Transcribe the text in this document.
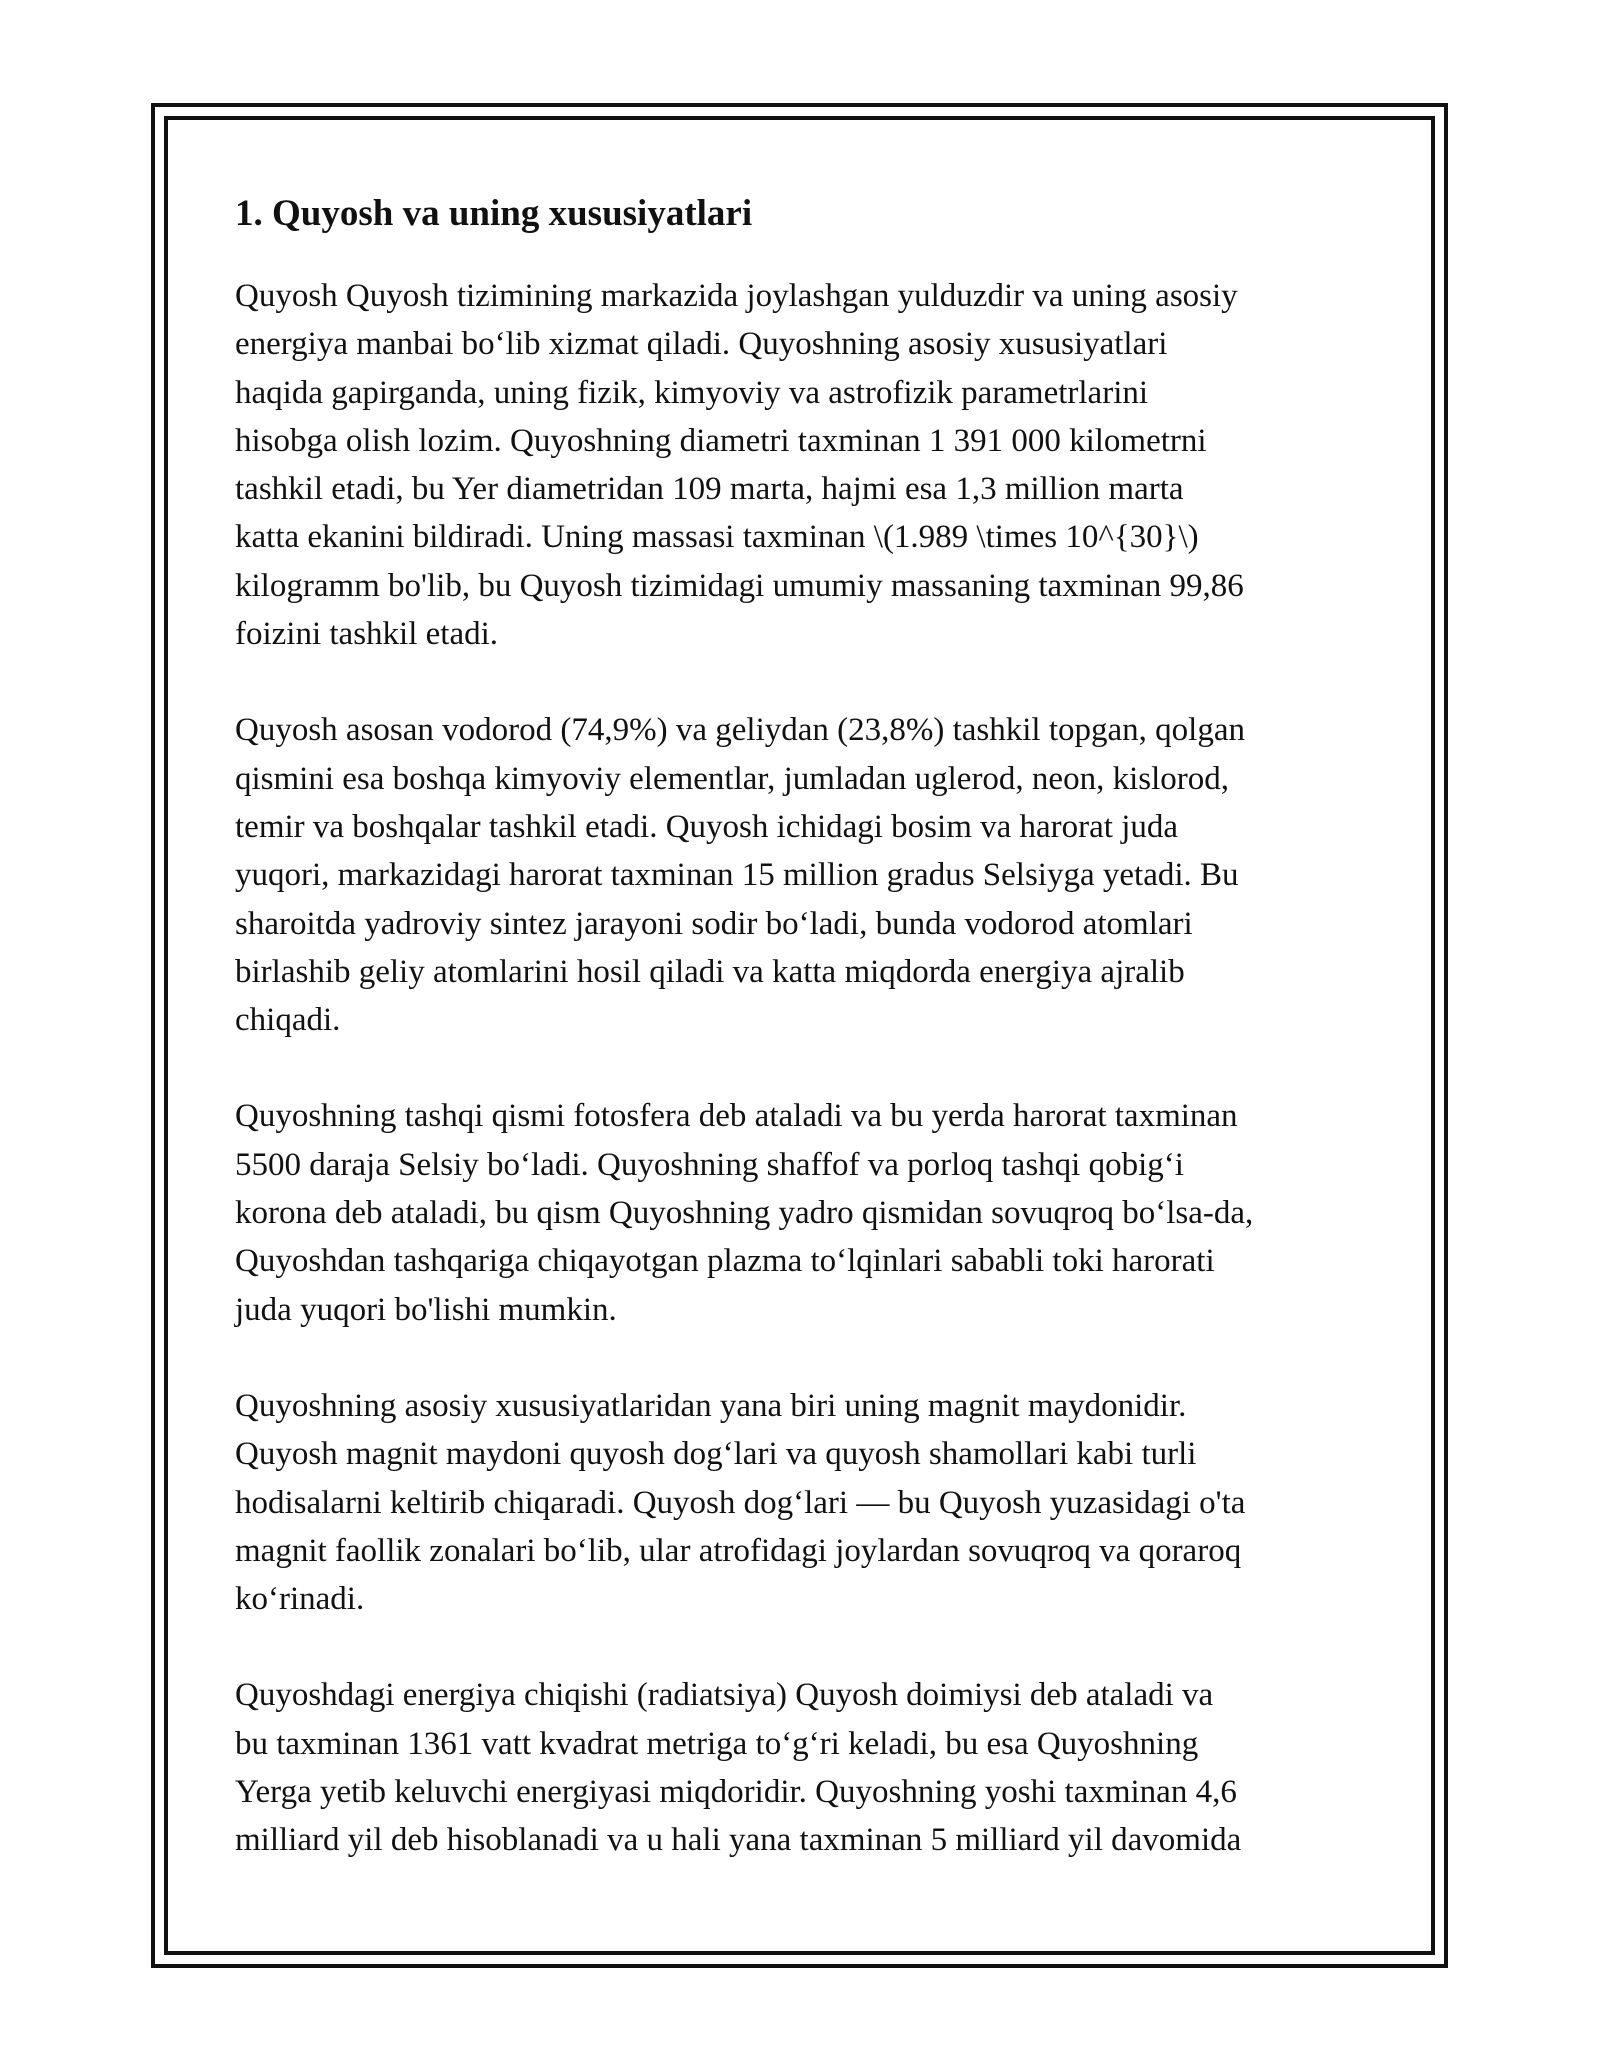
1. Quyosh va uning xususiyatlari

Quyosh Quyosh tizimining markazida joylashgan yulduzdir va uning asosiy
energiya manbai bo‘lib xizmat qiladi. Quyoshning asosiy xususiyatlari
haqida gapirganda, uning fizik, kimyoviy va astrofizik parametrlarini
hisobga olish lozim. Quyoshning diametri taxminan 1 391 000 kilometrni
tashkil etadi, bu Yer diametridan 109 marta, hajmi esa 1,3 million marta
katta ekanini bildiradi. Uning massasi taxminan \(1.989 \times 10^{30}\)
kilogramm bo'lib, bu Quyosh tizimidagi umumiy massaning taxminan 99,86
foizini tashkil etadi.

Quyosh asosan vodorod (74,9%) va geliydan (23,8%) tashkil topgan, qolgan
qismini esa boshqa kimyoviy elementlar, jumladan uglerod, neon, kislorod,
temir va boshqalar tashkil etadi. Quyosh ichidagi bosim va harorat juda
yuqori, markazidagi harorat taxminan 15 million gradus Selsiyga yetadi. Bu
sharoitda yadroviy sintez jarayoni sodir bo‘ladi, bunda vodorod atomlari
birlashib geliy atomlarini hosil qiladi va katta miqdorda energiya ajralib
chiqadi.

Quyoshning tashqi qismi fotosfera deb ataladi va bu yerda harorat taxminan
5500 daraja Selsiy bo‘ladi. Quyoshning shaffof va porloq tashqi qobig‘i
korona deb ataladi, bu qism Quyoshning yadro qismidan sovuqroq bo‘lsa-da,
Quyoshdan tashqariga chiqayotgan plazma to‘lqinlari sababli toki harorati
juda yuqori bo'lishi mumkin.

Quyoshning asosiy xususiyatlaridan yana biri uning magnit maydonidir.
Quyosh magnit maydoni quyosh dog‘lari va quyosh shamollari kabi turli
hodisalarni keltirib chiqaradi. Quyosh dog‘lari — bu Quyosh yuzasidagi o'ta
magnit faollik zonalari bo‘lib, ular atrofidagi joylardan sovuqroq va qoraroq
ko‘rinadi.

Quyoshdagi energiya chiqishi (radiatsiya) Quyosh doimiysi deb ataladi va
bu taxminan 1361 vatt kvadrat metriga to‘g‘ri keladi, bu esa Quyoshning
Yerga yetib keluvchi energiyasi miqdoridir. Quyoshning yoshi taxminan 4,6
milliard yil deb hisoblanadi va u hali yana taxminan 5 milliard yil davomida
